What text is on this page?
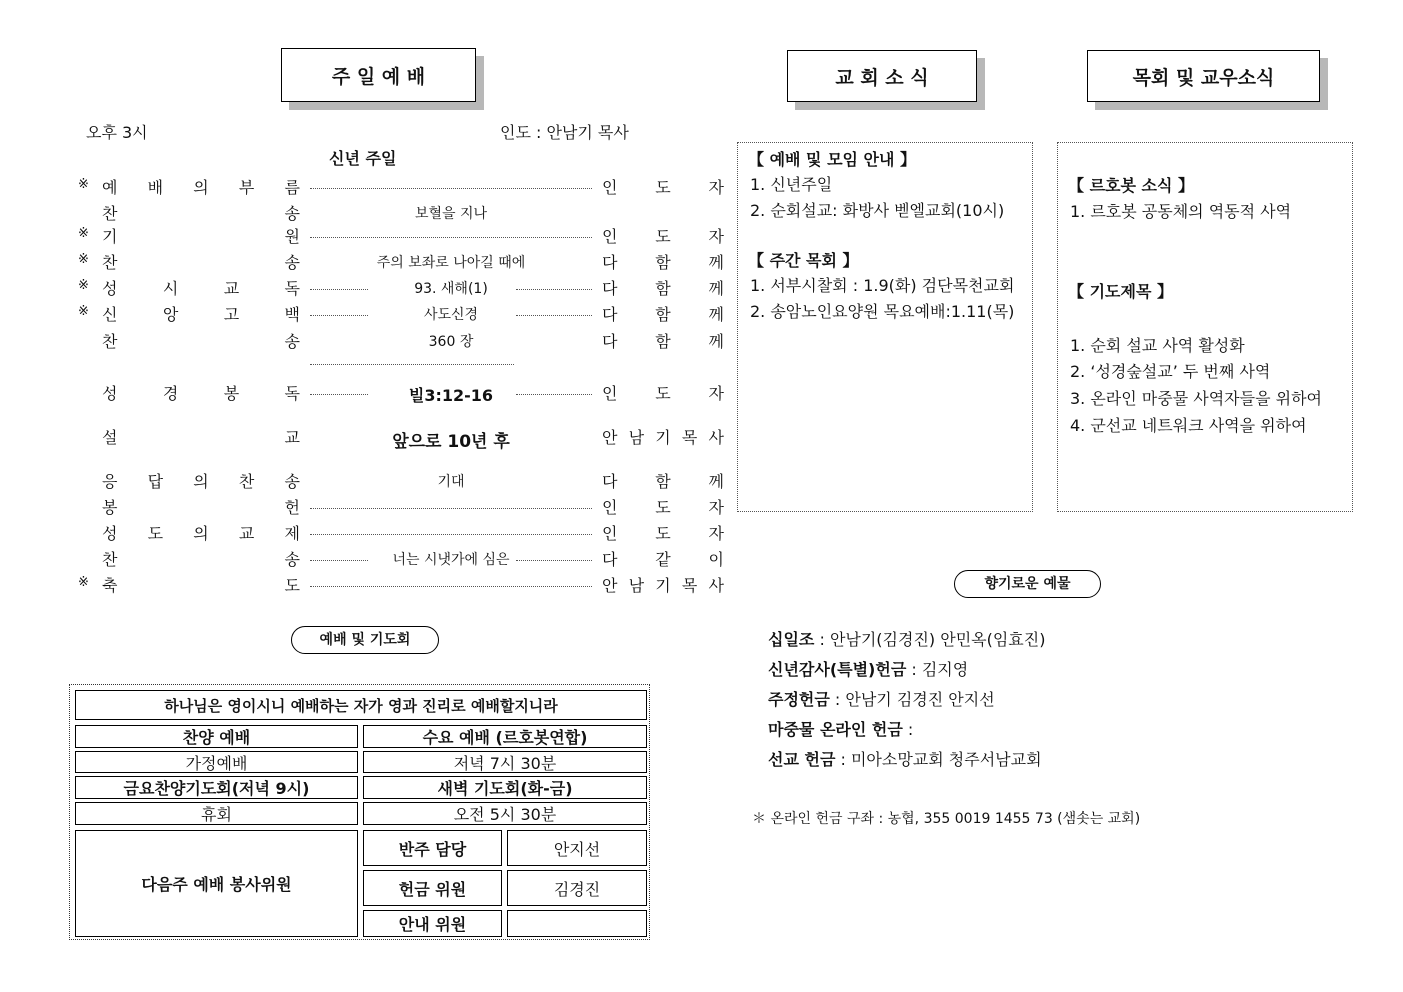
주 일 예 배
오후 3시	인도 : 안남기 목사
신년 주일
※ 예 배 의 부 름	인 도 자
찬	송	보혈을 지나
※ 기	원	인 도 자
※ 찬	송	주의 보좌로 나아길 때에	다 함 께
※ 성	시	교	독	93. 새해(1)	다 함 께
※ 신	앙	고	백	사도신경	다 함 께
찬	송	360 장	다 함 께
성	경	봉	독	빌3:12-16	인 도 자
설	교	앞으로 10년 후	안 남 기 목 사
응 답 의 찬 송	기대	다 함 께
봉	헌	인 도 자
성 도 의 교 제	인 도 자
찬	송	너는 시냇가에 심은	다 같 이
※ 축	도	안 남 기 목 사
예배 및 기도회
하나님은 영이시니 예배하는 자가 영과 진리로 예배할지니라
찬양 예배	수요 예배 (르호봇연합)
가정예배	저녁 7시 30분
금요찬양기도회(저녁 9시)	새벽 기도회(화-금)
휴회	오전 5시 30분
다음주 예배 봉사위원
반주 담당	안지선
헌금 위원	김경진
안내 위원
교 회 소 식	목회 및 교우소식
【 예배 및 모임 안내 】
1. 신년주일
2. 순회설교: 화방사 벧엘교회(10시)
【 주간 목회 】
1. 서부시찰회 : 1.9(화) 검단목천교회
2. 송암노인요양원 목요예배:1.11(목)
【 르호봇 소식 】
1. 르호봇 공동체의 역동적 사역
【 기도제목 】
1. 순회 설교 사역 활성화
2. ‘성경숲설교’ 두 번째 사역
3. 온라인 마중물 사역자들을 위하여
4. 군선교 네트워크 사역을 위하여
향기로운 예물
십일조 : 안남기(김경진) 안민옥(임효진)
신년감사(특별)헌금 : 김지영
주정헌금 : 안남기 김경진 안지선
마중물 온라인 헌금 :
선교 헌금 : 미아소망교회 청주서남교회
＊ 온라인 헌금 구좌 : 농협, 355 0019 1455 73 (샘솟는 교회)
